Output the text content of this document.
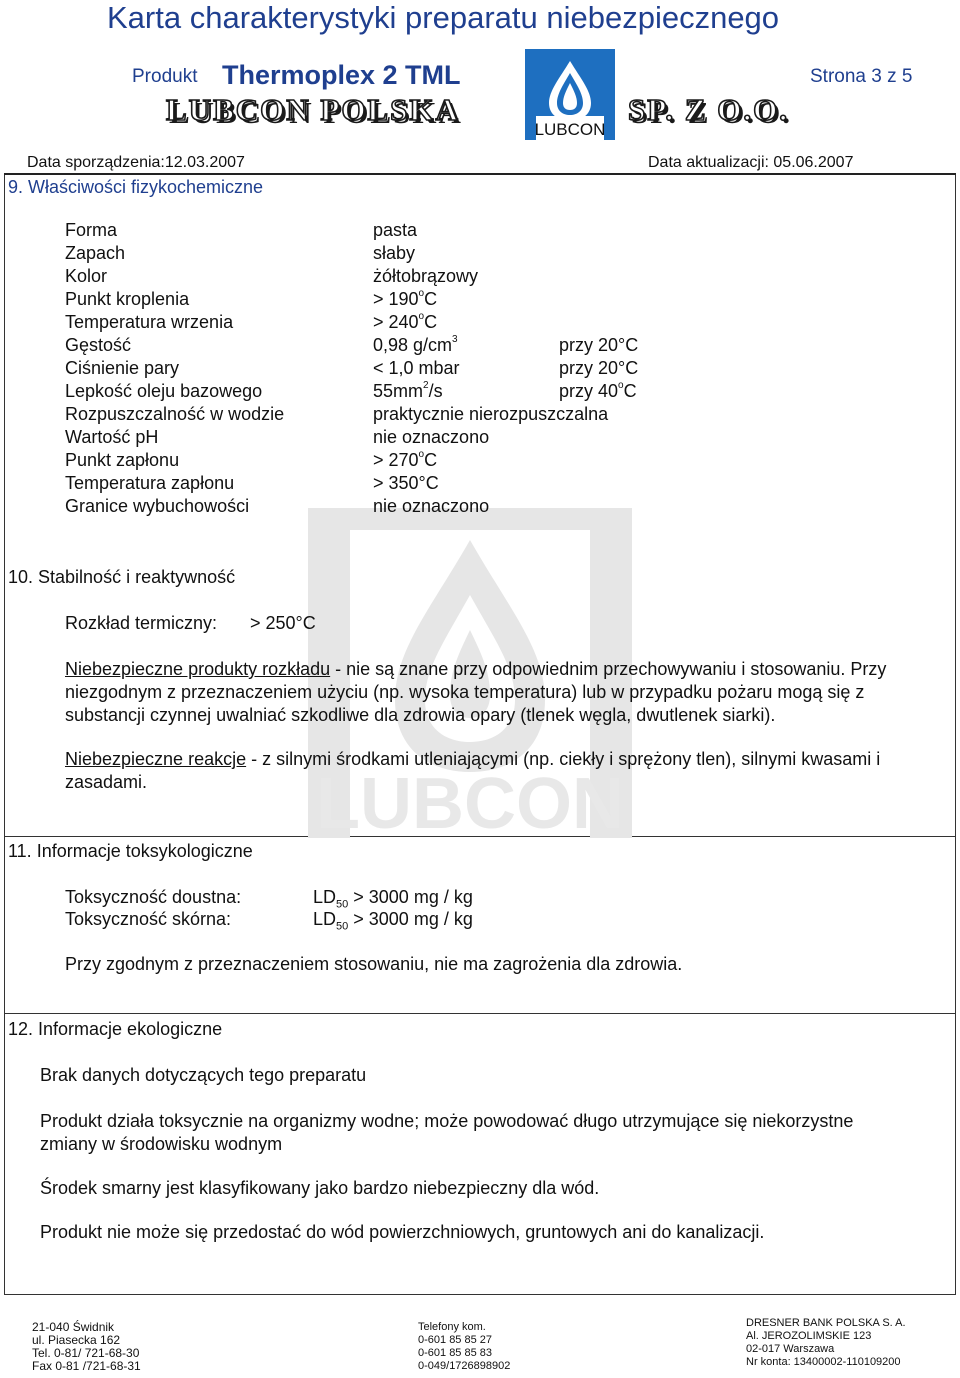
Karta charakterystyki preparatu niebezpiecznego
Produkt Thermoplex 2 TML	Strona 3 z 5
LUBCON POLSKA	SP. Z O.O.
LUBCON
Data sporządzenia:12.03.2007	Data aktualizacji: 05.06.2007
LUBCON
9. Właściwości fizykochemiczne
Forma	pasta
Zapach	słaby
Kolor	żółtobrązowy
Punkt kroplenia	> $190^oC$
Temperatura wrzenia	> $240^oC$
Gęstość	0,98 $g/cm^3$	przy 20°C
Ciśnienie pary	< 1,0 mbar	przy 20°C
Lepkość oleju bazowego	$55mm^2/s$	przy 40$^o$C
Rozpuszczalność w wodzie	praktycznie nierozpuszczalna
Wartość pH	nie oznaczono
Punkt zapłonu	> $270^oC$
Temperatura zapłonu	> 350°C
Granice wybuchowości	nie oznaczono
10. Stabilność i reaktywność
Rozkład termiczny: > 250°C
Niebezpieczne produkty rozkładu - nie są znane przy odpowiednim przechowywaniu i stosowaniu. Przy
niezgodnym z przeznaczeniem użyciu (np. wysoka temperatura) lub w przypadku pożaru mogą się z
substancji czynnej uwalniać szkodliwe dla zdrowia opary (tlenek węgla, dwutlenek siarki).
Niebezpieczne reakcje - z silnymi środkami utleniającymi (np. ciekły i sprężony tlen), silnymi kwasami i
zasadami.
11. Informacje toksykologiczne
Toksyczność doustna:	$LD_{50} > 3000$ mg / kg
Toksyczność skórna:	$LD_{50} > 3000$ mg / kg
Przy zgodnym z przeznaczeniem stosowaniu, nie ma zagrożenia dla zdrowia.
12. Informacje ekologiczne
Brak danych dotyczących tego preparatu
Produkt działa toksycznie na organizmy wodne; może powodować długo utrzymujące się niekorzystne
zmiany w środowisku wodnym
Środek smarny jest klasyfikowany jako bardzo niebezpieczny dla wód.
Produkt nie może się przedostać do wód powierzchniowych, gruntowych ani do kanalizacji.
21-040 Świdnik
ul. Piasecka 162
Tel. 0-81/ 721-68-30
Fax 0-81 /721-68-31
Telefony kom.
0-601 85 85 27
0-601 85 85 83
0-049/1726898902
DRESNER BANK POLSKA S. A.
Al. JEROZOLIMSKIE 123
02-017 Warszawa
Nr konta: 13400002-110109200
